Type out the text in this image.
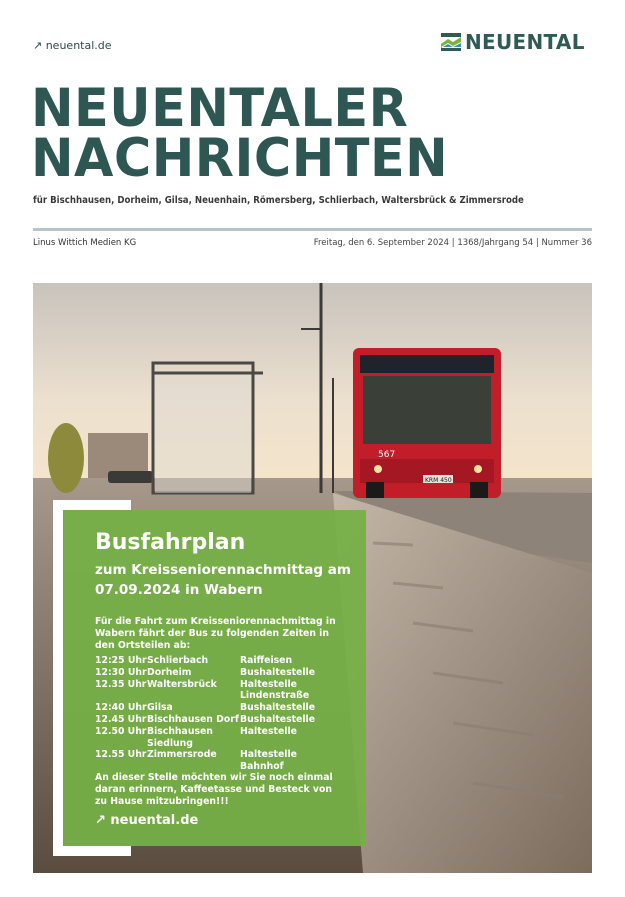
↗ neuental.de	NEUENTAL
NEUENTALER
NACHRICHTEN
für Bischhausen, Dorheim, Gilsa, Neuenhain, Römersberg, Schlierbach, Waltersbrück & Zimmersrode
Linus Wittich Medien KG	Freitag, den 6. September 2024 | 1368/Jahrgang 54 | Nummer 36
567
KRM 450
Busfahrplan
zum Kreisseniorennachmittag am 07.09.2024 in Wabern
Für die Fahrt zum Kreisseniorennachmittag in Wabern fährt der Bus zu folgenden Zeiten in den Ortsteilen ab:
12:25 Uhr	Schlierbach	Raiffeisen
12:30 Uhr	Dorheim	Bushaltestelle
12.35 Uhr	Waltersbrück	Haltestelle Lindenstraße
12:40 Uhr	Gilsa	Bushaltestelle
12.45 Uhr	Bischhausen Dorf	Bushaltestelle
12.50 Uhr	Bischhausen Siedlung	Haltestelle
12.55 Uhr	Zimmersrode	Haltestelle Bahnhof
An dieser Stelle möchten wir Sie noch einmal daran erinnern, Kaffeetasse und Besteck von zu Hause mitzubringen!!!
↗ neuental.de
